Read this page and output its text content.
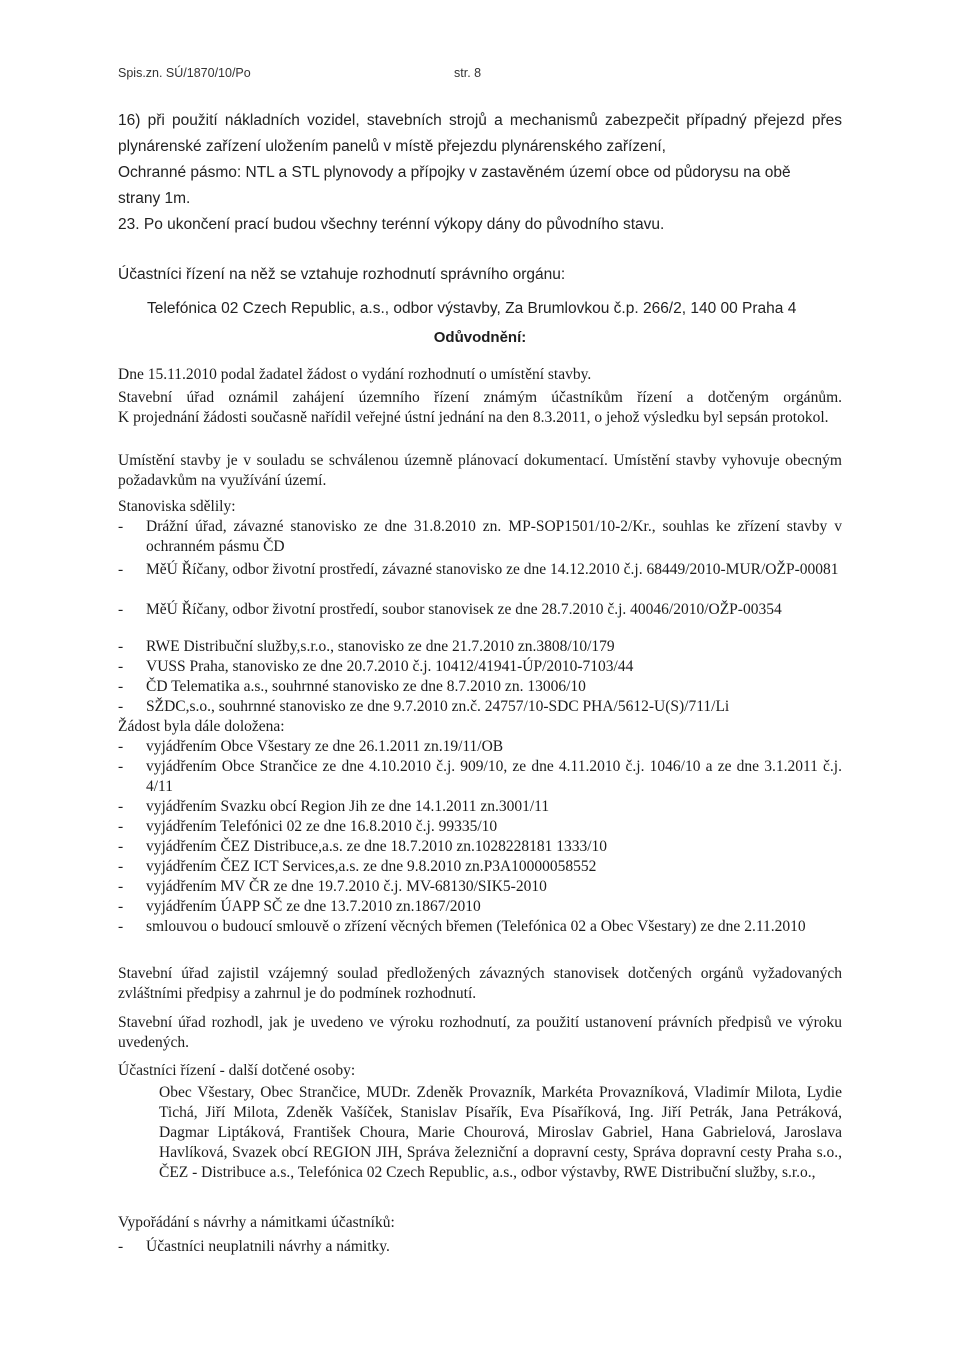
Spis.zn. SÚ/1870/10/Po	str. 8
16) při použití nákladních vozidel, stavebních strojů a mechanismů zabezpečit případný přejezd přes
plynárenské zařízení uložením panelů v místě přejezdu plynárenského zařízení,
Ochranné pásmo: NTL a STL plynovody a přípojky v zastavěném území obce od půdorysu na obě
strany 1m.
23. Po ukončení prací budou všechny terénní výkopy dány do původního stavu.
Účastníci řízení na něž se vztahuje rozhodnutí správního orgánu:
Telefónica 02 Czech Republic, a.s., odbor výstavby, Za Brumlovkou č.p. 266/2, 140 00 Praha 4
Odůvodnění:
Dne 15.11.2010 podal žadatel žádost o vydání rozhodnutí o umístění stavby.
Stavební úřad oznámil zahájení územního řízení známým účastníkům řízení a dotčeným orgánům.
K projednání žádosti současně nařídil veřejné ústní jednání na den 8.3.2011, o jehož výsledku byl sepsán protokol.
Umístění stavby je v souladu se schválenou územně plánovací dokumentací. Umístění stavby vyhovuje obecným požadavkům na využívání území.
Stanoviska sdělily:
- Drážní úřad, závazné stanovisko ze dne 31.8.2010 zn. MP-SOP1501/10-2/Kr., souhlas ke zřízení stavby v ochranném pásmu ČD
- MěÚ Říčany, odbor životní prostředí, závazné stanovisko ze dne 14.12.2010 č.j. 68449/2010-MUR/OŽP-00081
- MěÚ Říčany, odbor životní prostředí, soubor stanovisek ze dne 28.7.2010 č.j. 40046/2010/OŽP-00354
- RWE Distribuční služby,s.r.o., stanovisko ze dne 21.7.2010 zn.3808/10/179
- VUSS Praha, stanovisko ze dne 20.7.2010 č.j. 10412/41941-ÚP/2010-7103/44
- ČD Telematika a.s., souhrnné stanovisko ze dne 8.7.2010 zn. 13006/10
- SŽDC,s.o., souhrnné stanovisko ze dne 9.7.2010 zn.č. 24757/10-SDC PHA/5612-U(S)/711/Li
Žádost byla dále doložena:
- vyjádřením Obce Všestary ze dne 26.1.2011 zn.19/11/OB
- vyjádřením Obce Strančice ze dne 4.10.2010 č.j. 909/10, ze dne 4.11.2010 č.j. 1046/10 a ze dne 3.1.2011 č.j. 4/11
- vyjádřením Svazku obcí Region Jih ze dne 14.1.2011 zn.3001/11
- vyjádřením Telefónici 02 ze dne 16.8.2010 č.j. 99335/10
- vyjádřením ČEZ Distribuce,a.s. ze dne 18.7.2010 zn.1028228181 1333/10
- vyjádřením ČEZ ICT Services,a.s. ze dne 9.8.2010 zn.P3A10000058552
- vyjádřením MV ČR ze dne 19.7.2010 č.j. MV-68130/SIK5-2010
- vyjádřením ÚAPP SČ ze dne 13.7.2010 zn.1867/2010
- smlouvou o budoucí smlouvě o zřízení věcných břemen (Telefónica 02 a Obec Všestary) ze dne 2.11.2010
Stavební úřad zajistil vzájemný soulad předložených závazných stanovisek dotčených orgánů vyžadovaných zvláštními předpisy a zahrnul je do podmínek rozhodnutí.
Stavební úřad rozhodl, jak je uvedeno ve výroku rozhodnutí, za použití ustanovení právních předpisů ve výroku uvedených.
Účastníci řízení - další dotčené osoby:
Obec Všestary, Obec Strančice, MUDr. Zdeněk Provazník, Markéta Provazníková, Vladimír Milota, Lydie Tichá, Jiří Milota, Zdeněk Vašíček, Stanislav Písařík, Eva Písaříková, Ing. Jiří Petrák, Jana Petráková, Dagmar Liptáková, František Choura, Marie Chourová, Miroslav Gabriel, Hana Gabrielová, Jaroslava Havlíková, Svazek obcí REGION JIH, Správa železniční a dopravní cesty, Správa dopravní cesty Praha s.o., ČEZ - Distribuce a.s., Telefónica 02 Czech Republic, a.s., odbor výstavby, RWE Distribuční služby, s.r.o.,
Vypořádání s návrhy a námitkami účastníků:
- Účastníci neuplatnili návrhy a námitky.
